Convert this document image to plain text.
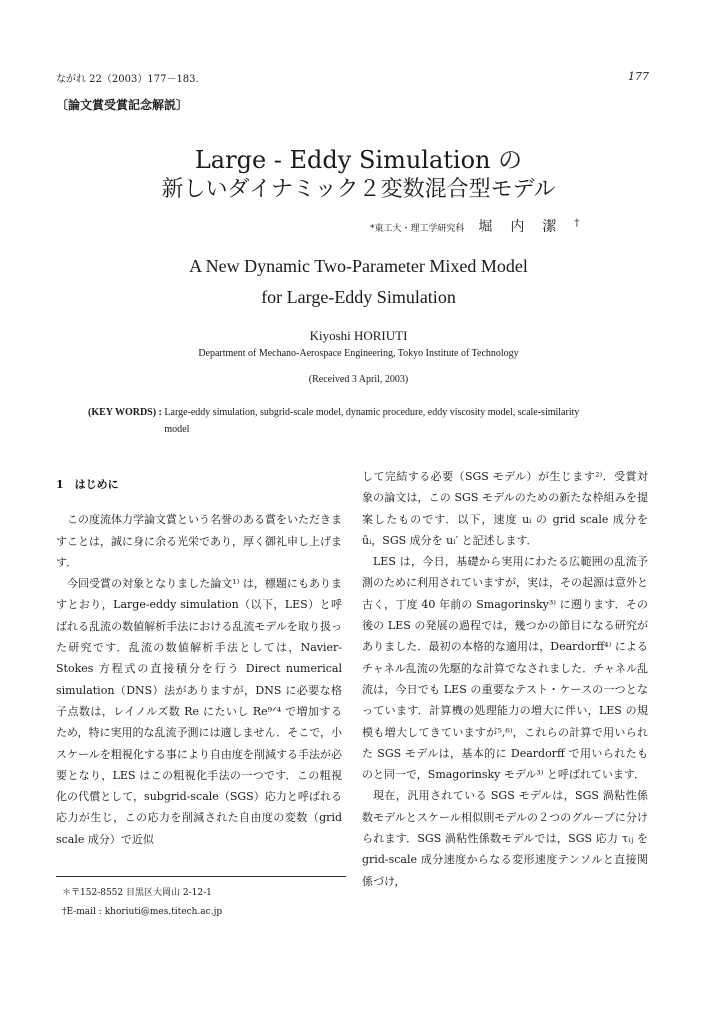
ながれ 22（2003）177－183.	177
〔論文賞受賞記念解説〕
Large - Eddy Simulation の
新しいダイナミック２変数混合型モデル
*東工大・理工学研究科 堀内潔†
A New Dynamic Two-Parameter Mixed Model
for Large-Eddy Simulation
Kiyoshi HORIUTI
Department of Mechano-Aerospace Engineering, Tokyo Institute of Technology
(Received 3 April, 2003)
(KEY WORDS) : Large-eddy simulation, subgrid-scale model, dynamic procedure, eddy viscosity model, scale-similarity model
1　はじめに

この度流体力学論文賞という名誉のある賞をいただきますことは，誠に身に余る光栄であり，厚く御礼申し上げます．

今回受賞の対象となりました論文¹⁾ は，標題にもありますとおり，Large-eddy simulation（以下，LES）と呼ばれる乱流の数値解析手法における乱流モデルを取り扱った研究です．乱流の数値解析手法としては，Navier-Stokes 方程式の直接積分を行う Direct numerical simulation（DNS）法がありますが，DNS に必要な格子点数は，レイノルズ数 Re にたいし Re⁹ᐟ⁴ で増加するため，特に実用的な乱流予測には適しません．そこで，小スケールを粗視化する事により自由度を削減する手法が必要となり，LES はこの粗視化手法の一つです．この粗視化の代償として，subgrid-scale（SGS）応力と呼ばれる応力が生じ，この応力を削減された自由度の変数（grid scale 成分）で近似

して完結する必要（SGS モデル）が生じます²⁾．受賞対象の論文は，この SGS モデルのための新たな枠組みを提案したものです．以下，速度 uᵢ の grid scale 成分を ūᵢ，SGS 成分を uᵢ′ と記述します．

LES は，今日，基礎から実用にわたる広範囲の乱流予測のために利用されていますが，実は，その起源は意外と古く，丁度 40 年前の Smagorinsky³⁾ に遡ります．その後の LES の発展の過程では，幾つかの節目になる研究がありました．最初の本格的な適用は，Deardorff⁴⁾ によるチャネル乱流の先駆的な計算でなされました．チャネル乱流は，今日でも LES の重要なテスト・ケースの一つとなっています．計算機の処理能力の増大に伴い，LES の規模も増大してきていますが⁵,⁶⁾，これらの計算で用いられた SGS モデルは，基本的に Deardorff で用いられたものと同一で，Smagorinsky モデル³⁾ と呼ばれています．

現在，汎用されている SGS モデルは，SGS 渦粘性係数モデルとスケール相似則モデルの２つのグループに分けられます．SGS 渦粘性係数モデルでは，SGS 応力 τᵢⱼ を grid-scale 成分速度からなる変形速度テンソルと直接関係づけ，

＊〒152-8552 目黒区大岡山 2-12-1
†E-mail : khoriuti@mes.titech.ac.jp
